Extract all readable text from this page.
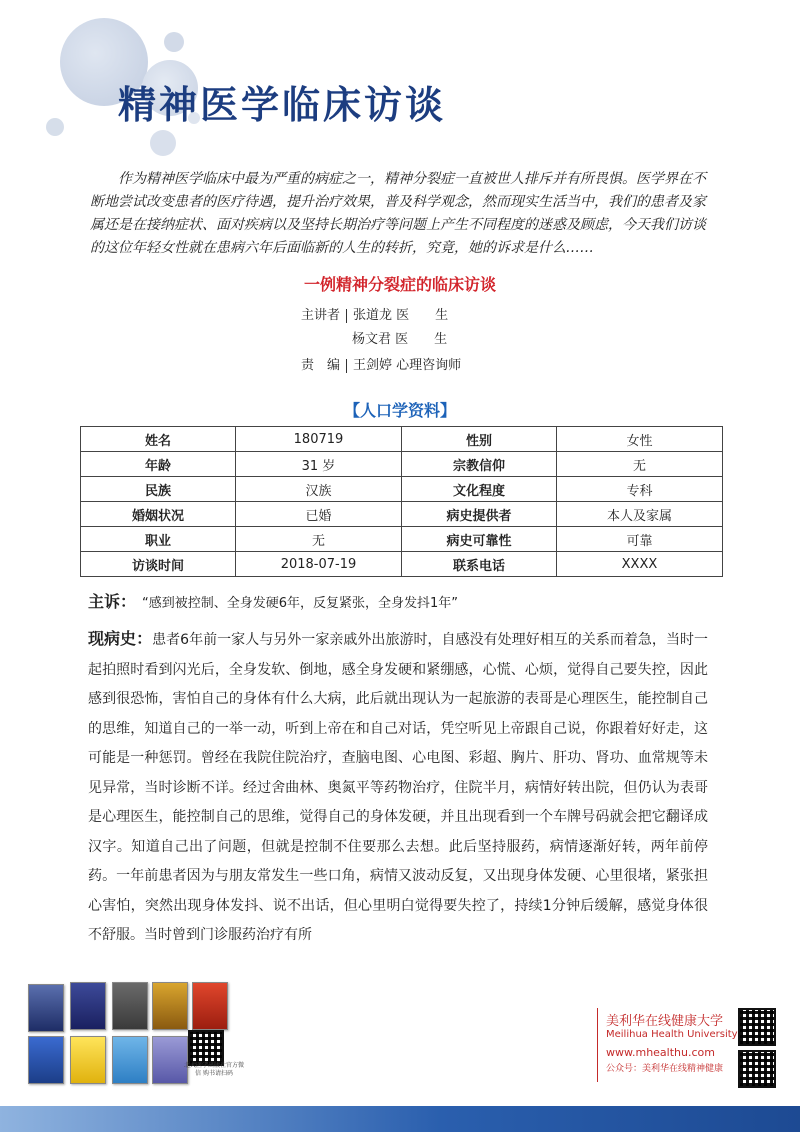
精神医学临床访谈

作为精神医学临床中最为严重的病症之一，精神分裂症一直被世人排斥并有所畏惧。医学界在不断地尝试改变患者的医疗待遇，提升治疗效果，普及科学观念，然而现实生活当中，我们的患者及家属还是在接纳症状、面对疾病以及坚持长期治疗等问题上产生不同程度的迷惑及顾虑，今天我们访谈的这位年轻女性就在患病六年后面临新的人生的转折，究竟，她的诉求是什么……

一例精神分裂症的临床访谈
主讲者 张道龙 医　　生
杨文君 医　　生
责　编 王剑婷 心理咨询师
【人口学资料】
姓名	180719	性别	女性
年龄	31 岁	宗教信仰	无
民族	汉族	文化程度	专科
婚姻状况	已婚	病史提供者	本人及家属
职业	无	病史可靠性	可靠
访谈时间	2018-07-19	联系电话	XXXX
主诉： “感到被控制、全身发硬6年，反复紧张，全身发抖1年”

现病史：患者6年前一家人与另外一家亲戚外出旅游时，自感没有处理好相互的关系而着急，当时一起拍照时看到闪光后，全身发软、倒地，感全身发硬和紧绷感，心慌、心烦，觉得自己要失控，因此感到很恐怖，害怕自己的身体有什么大病，此后就出现认为一起旅游的表哥是心理医生，能控制自己的思维，知道自己的一举一动，听到上帝在和自己对话，凭空听见上帝跟自己说，你跟着好好走，这可能是一种惩罚。曾经在我院住院治疗，查脑电图、心电图、彩超、胸片、肝功、肾功、血常规等未见异常，当时诊断不详。经过舍曲林、奥氮平等药物治疗，住院半月，病情好转出院，但仍认为表哥是心理医生，能控制自己的思维，觉得自己的身体发硬，并且出现看到一个车牌号码就会把它翻译成汉字。知道自己出了问题，但就是控制不住要那么去想。此后坚持服药，病情逐渐好转，两年前停药。一年前患者因为与朋友常发生一些口角，病情又波动反复，又出现身体发硬、心里很堵，紧张担心害怕，突然出现身体发抖、说不出话，但心里明白觉得要失控了，持续1分钟后缓解，感觉身体很不舒服。当时曾到门诊服药治疗有所

北大医学出版社官方微信 购书请扫码
美利华在线健康大学
Meilihua Health University
www.mhealthu.com
公众号：美利华在线精神健康
